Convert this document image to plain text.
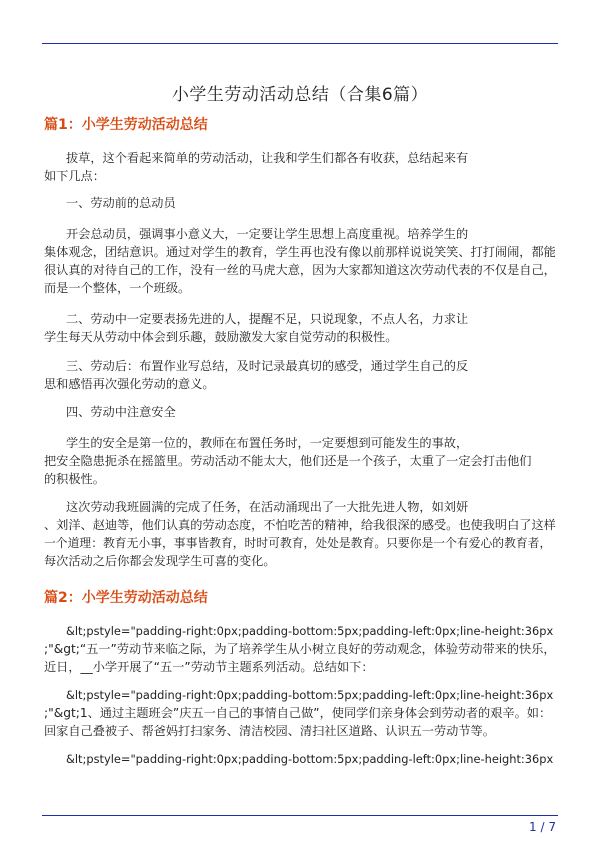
小学生劳动活动总结（合集6篇）
篇1：小学生劳动活动总结
拔草，这个看起来简单的劳动活动，让我和学生们都各有收获，总结起来有
如下几点：
一、劳动前的总动员
开会总动员，强调事小意义大，一定要让学生思想上高度重视。培养学生的
集体观念，团结意识。通过对学生的教育，学生再也没有像以前那样说说笑笑、打打闹闹，都能
很认真的对待自己的工作，没有一丝的马虎大意，因为大家都知道这次劳动代表的不仅是自己，
而是一个整体，一个班级。
二、劳动中一定要表扬先进的人，提醒不足，只说现象，不点人名，力求让
学生每天从劳动中体会到乐趣，鼓励激发大家自觉劳动的积极性。
三、劳动后：布置作业写总结，及时记录最真切的感受，通过学生自己的反
思和感悟再次强化劳动的意义。
四、劳动中注意安全
学生的安全是第一位的，教师在布置任务时，一定要想到可能发生的事故，
把安全隐患扼杀在摇篮里。劳动活动不能太大，他们还是一个孩子，太重了一定会打击他们
的积极性。
这次劳动我班圆满的完成了任务，在活动涌现出了一大批先进人物，如刘妍
、刘洋、赵迪等，他们认真的劳动态度，不怕吃苦的精神，给我很深的感受。也使我明白了这样
一个道理：教育无小事，事事皆教育，时时可教育，处处是教育。只要你是一个有爱心的教育者，
每次活动之后你都会发现学生可喜的变化。
篇2：小学生劳动活动总结
&lt;pstyle="padding-right:0px;padding-bottom:5px;padding-left:0px;line-height:36px
;"&gt;“五一”劳动节来临之际，为了培养学生从小树立良好的劳动观念，体验劳动带来的快乐，
近日，__小学开展了“五一”劳动节主题系列活动。总结如下：
&lt;pstyle="padding-right:0px;padding-bottom:5px;padding-left:0px;line-height:36px
;"&gt;1、通过主题班会”庆五一自己的事情自己做”，使同学们亲身体会到劳动者的艰辛。如：
回家自己叠被子、帮爸妈打扫家务、清洁校园、清扫社区道路、认识五一劳动节等。
&lt;pstyle="padding-right:0px;padding-bottom:5px;padding-left:0px;line-height:36px
1 / 7
